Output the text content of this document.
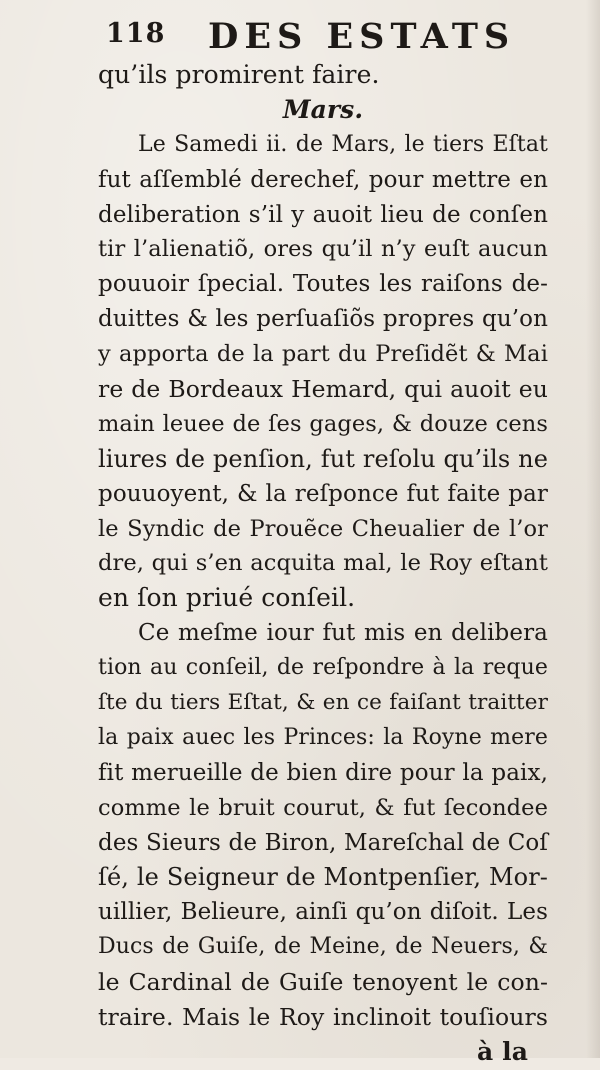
118 DES ESTATS
qu’ils promirent faire.
Mars.
Le Samedi ii. de Mars, le tiers Eſtat
fut aſſemblé derechef, pour mettre en
deliberation s’il y auoit lieu de conſen
tir l’alienatiõ, ores qu’il n’y euſt aucun
pouuoir ſpecial. Toutes les raiſons de-
duittes & les perſuaſiõs propres qu’on
y apporta de la part du Preſidẽt & Mai
re de Bordeaux Hemard, qui auoit eu
main leuee de ſes gages, & douze cens
liures de penſion, fut reſolu qu’ils ne
pouuoyent, & la reſponce fut faite par
le Syndic de Prouẽce Cheualier de l’or
dre, qui s’en acquita mal, le Roy eſtant
en ſon priué conſeil.
Ce meſme iour fut mis en delibera
tion au conſeil, de reſpondre à la reque
ſte du tiers Eſtat, & en ce faiſant traitter
la paix auec les Princes: la Royne mere
fit merueille de bien dire pour la paix,
comme le bruit courut, & fut ſecondee
des Sieurs de Biron, Mareſchal de Coſ
ſé, le Seigneur de Montpenſier, Mor-
uillier, Belieure, ainſi qu’on diſoit. Les
Ducs de Guiſe, de Meine, de Neuers, &
le Cardinal de Guiſe tenoyent le con-
traire. Mais le Roy inclinoit touſiours
à la
